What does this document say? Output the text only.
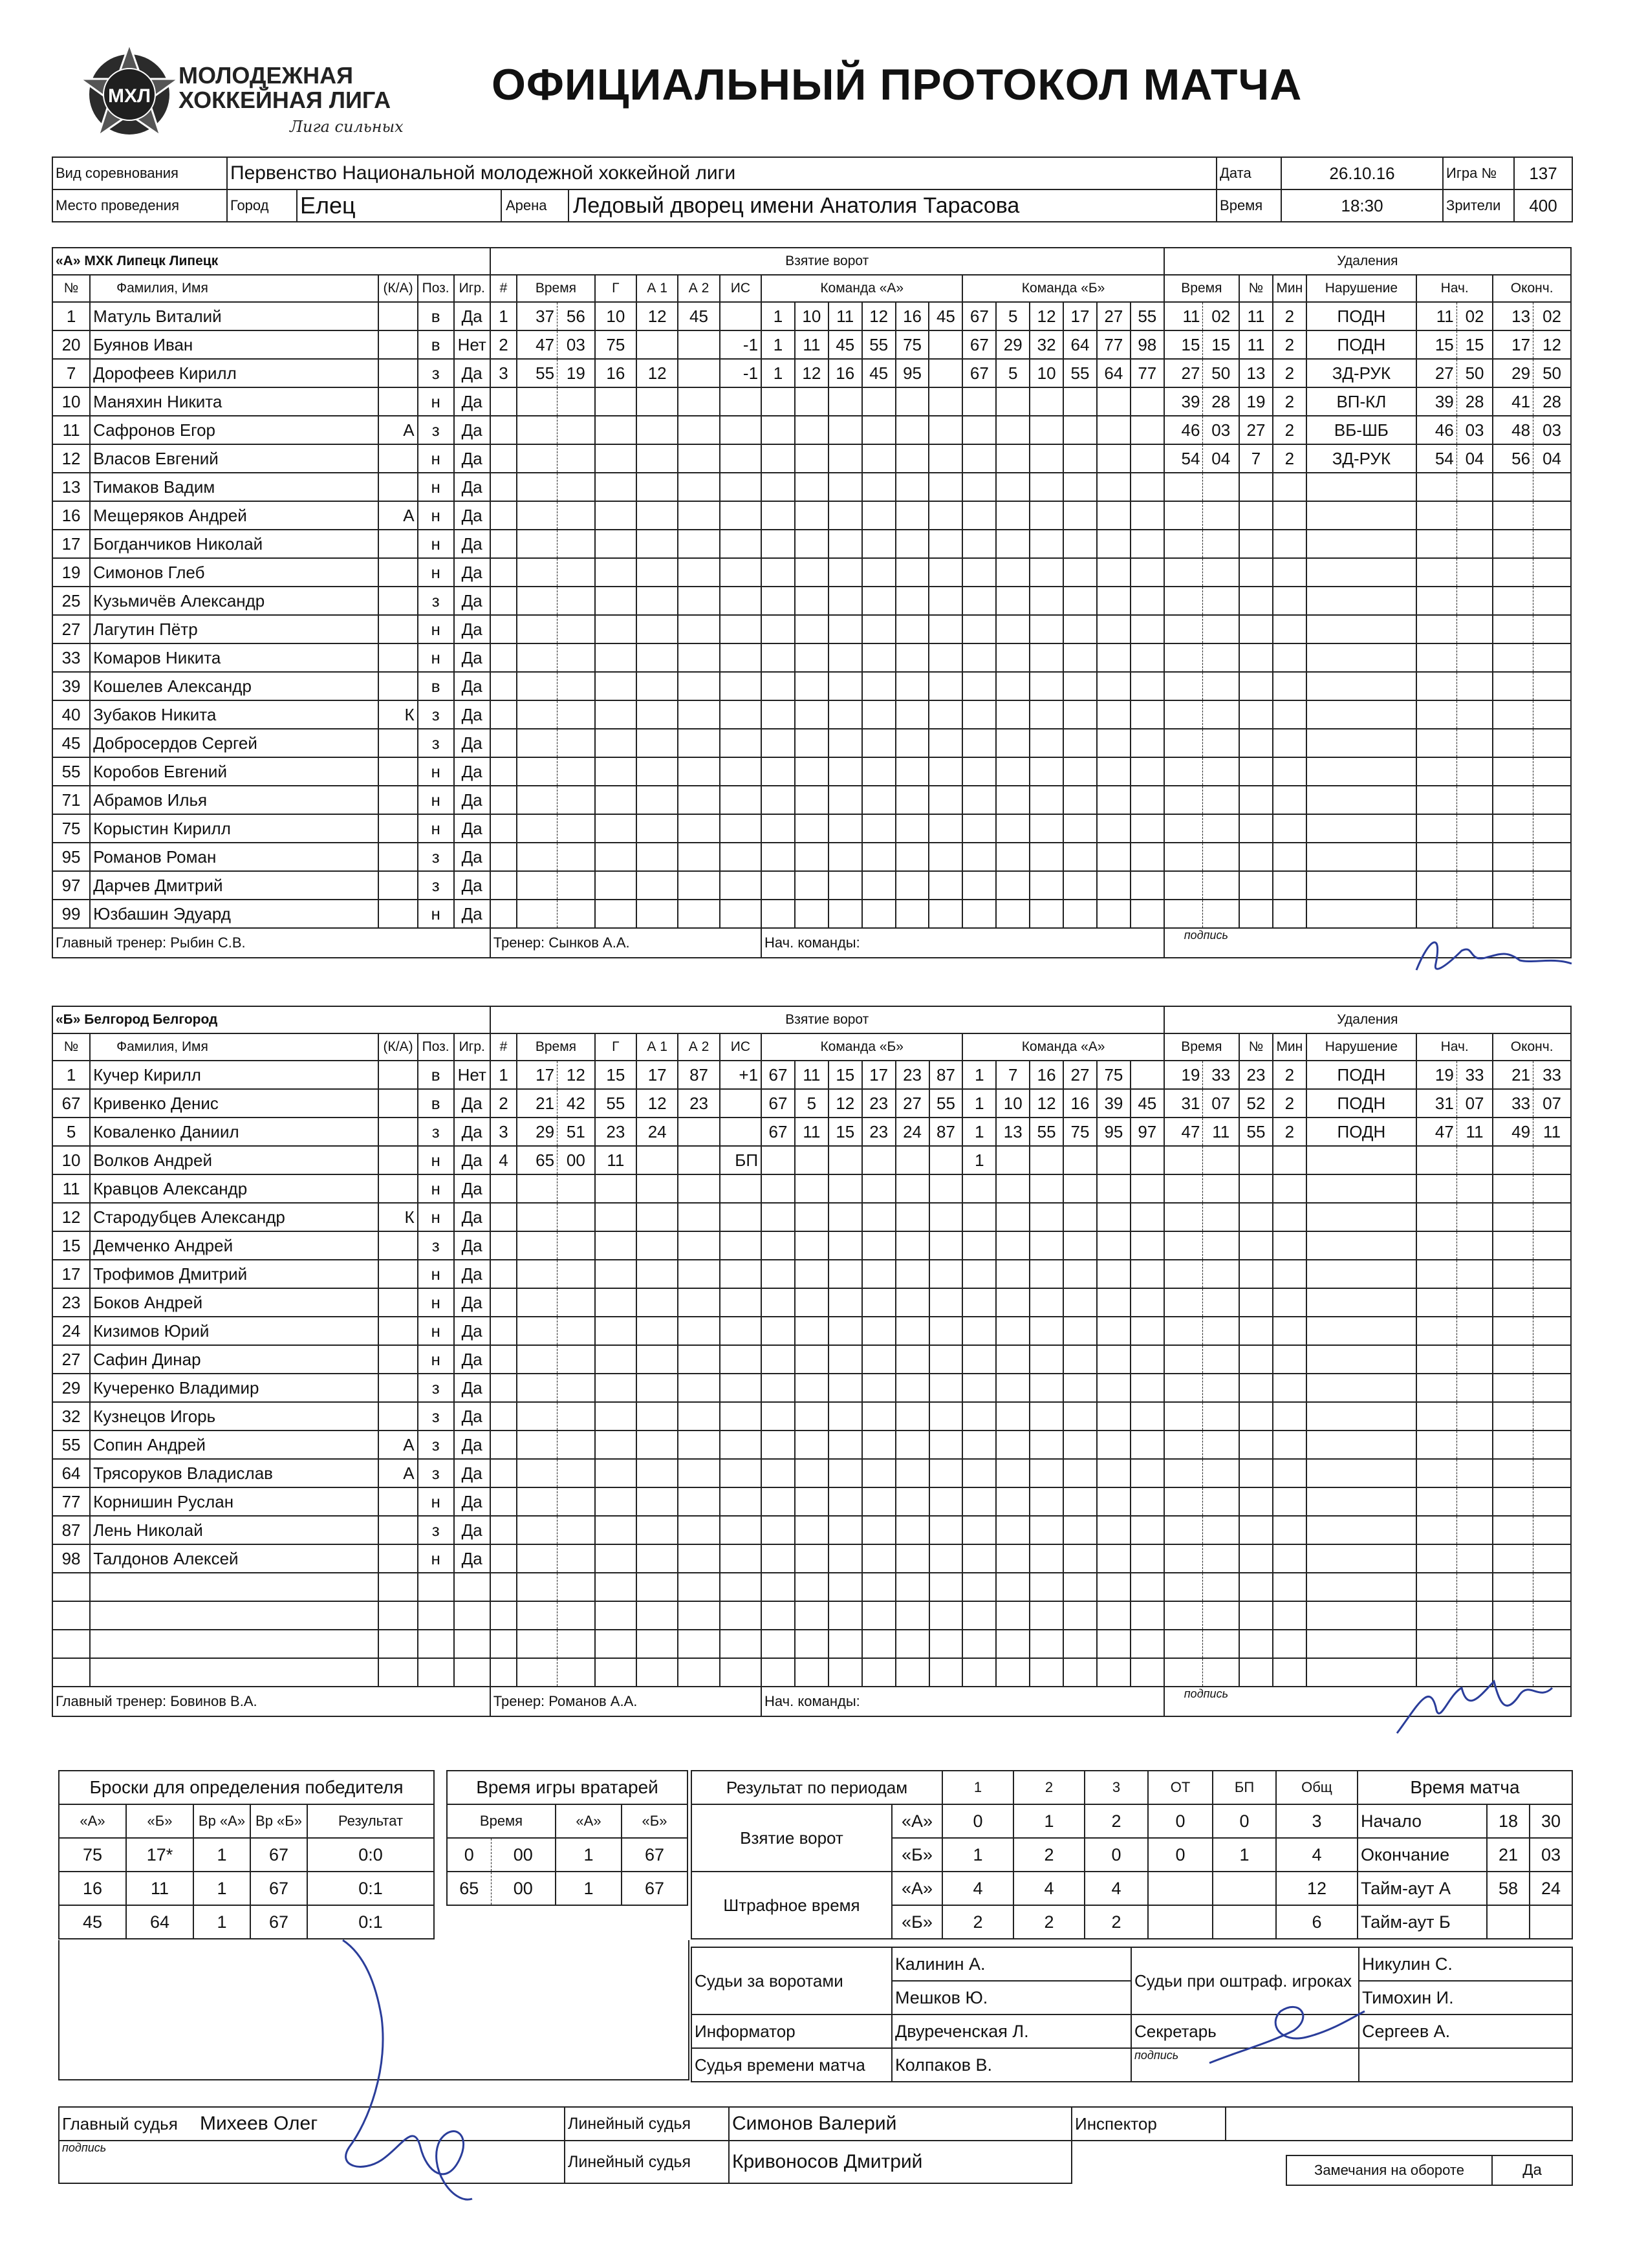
МХЛ
МОЛОДЕЖНАЯ
ХОККЕЙНАЯ ЛИГА
Лига сильных
ОФИЦИАЛЬНЫЙ ПРОТОКОЛ МАТЧА
Вид соревнования	Первенство Национальной молодежной хоккейной лиги		Дата	26.10.16	Игра №	137
Место проведения	Город	Елец Арена Ледовый дворец имени Анатолия Тарасова	Время	18:30	Зрители	400
«А» МХК Липецк Липецк					Взятие ворот																			Удаления								
№	Фамилия, Имя	(К/А)	Поз.	Игр.	#	Время		Г	А 1	А 2	ИС	Команда «А»						Команда «Б»						Время		№	Мин	Нарушение	Нач.		Оконч.	
1	Матуль Виталий		в	Да	1	37	56	10	12	45		1	10	11	12	16	45	67	5	12	17	27	55	11	02	11	2	ПОДН	11	02	13	02
20	Буянов Иван		в	Нет	2	47	03	75			-1	1	11	45	55	75		67	29	32	64	77	98	15	15	11	2	ПОДН	15	15	17	12
7	Дорофеев Кирилл		з	Да	3	55	19	16	12		-1	1	12	16	45	95		67	5	10	55	64	77	27	50	13	2	ЗД-РУК	27	50	29	50
10	Маняхин Никита		н	Да																				39	28	19	2	ВП-КЛ	39	28	41	28
11	Сафронов Егор	А	з	Да																				46	03	27	2	ВБ-ШБ	46	03	48	03
12	Власов Евгений		н	Да																				54	04	7	2	ЗД-РУК	54	04	56	04
13	Тимаков Вадим		н	Да																												
16	Мещеряков Андрей	А	н	Да																												
17	Богданчиков Николай		н	Да																												
19	Симонов Глеб		н	Да																												
25	Кузьмичёв Александр		з	Да																												
27	Лагутин Пётр		н	Да																												
33	Комаров Никита		н	Да																												
39	Кошелев Александр		в	Да																												
40	Зубаков Никита	К	з	Да																												
45	Добросердов Сергей		з	Да																												
55	Коробов Евгений		н	Да																												
71	Абрамов Илья		н	Да																												
75	Корыстин Кирилл		н	Да																												
95	Романов Роман		з	Да																												
97	Дарчев Дмитрий		з	Да																												
99	Юзбашин Эдуард		н	Да																												
Главный тренер: Рыбин С.В.					Тренер: Сынков А.А.							Нач. команды:												подпись								
«Б» Белгород Белгород					Взятие ворот																			Удаления								
№	Фамилия, Имя	(К/А)	Поз.	Игр.	#	Время		Г	А 1	А 2	ИС	Команда «Б»						Команда «А»						Время		№	Мин	Нарушение	Нач.		Оконч.	
1	Кучер Кирилл		в	Нет	1	17	12	15	17	87	+1	67	11	15	17	23	87	1	7	16	27	75		19	33	23	2	ПОДН	19	33	21	33
67	Кривенко Денис		в	Да	2	21	42	55	12	23		67	5	12	23	27	55	1	10	12	16	39	45	31	07	52	2	ПОДН	31	07	33	07
5	Коваленко Даниил		з	Да	3	29	51	23	24			67	11	15	23	24	87	1	13	55	75	95	97	47	11	55	2	ПОДН	47	11	49	11
10	Волков Андрей		н	Да	4	65	00	11			БП							1														
11	Кравцов Александр		н	Да																												
12	Стародубцев Александр	К	н	Да																												
15	Демченко Андрей		з	Да																												
17	Трофимов Дмитрий		н	Да																												
23	Боков Андрей		н	Да																												
24	Кизимов Юрий		н	Да																												
27	Сафин Динар		н	Да																												
29	Кучеренко Владимир		з	Да																												
32	Кузнецов Игорь		з	Да																												
55	Сопин Андрей	А	з	Да																												
64	Трясоруков Владислав	А	з	Да																												
77	Корнишин Руслан		н	Да																												
87	Лень Николай		з	Да																												
98	Талдонов Алексей		н	Да																												

Главный тренер: Бовинов В.А.					Тренер: Романов А.А.							Нач. команды:												подпись								
Броски для определения победителя				
«А»	«Б»	Вр «А»	Вр «Б»	Результат
75	17*	1	67	0:0
16	11	1	67	0:1
45	64	1	67	0:1
Время игры вратарей			
Время		«А»	«Б»
0	00	1	67
65	00	1	67
Результат по периодам		1	2	3	ОТ	БП	Общ
Взятие ворот	«А»	0	1	2	0	0	3
	«Б»	1	2	0	0	1	4
Штрафное время	«А»	4	4	4			12
	«Б»	2	2	2			6
Время матча		
Начало	18	30
Окончание	21	03
Тайм-аут А	58	24
Тайм-аут Б		
Судьи за воротами	Калинин А.	Судьи при оштраф. игроках	Никулин С.
	Мешков Ю.		Тимохин И.
Информатор	Двуреченская Л.	Секретарь	Сергеев А.
Судья времени матча	Колпаков В.	подпись	
Главный судья	Михеев Олег	Линейный судья	Симонов Валерий	Инспектор	
подпись		Линейный судья	Кривоносов Дмитрий			Замечания на обороте	Да
